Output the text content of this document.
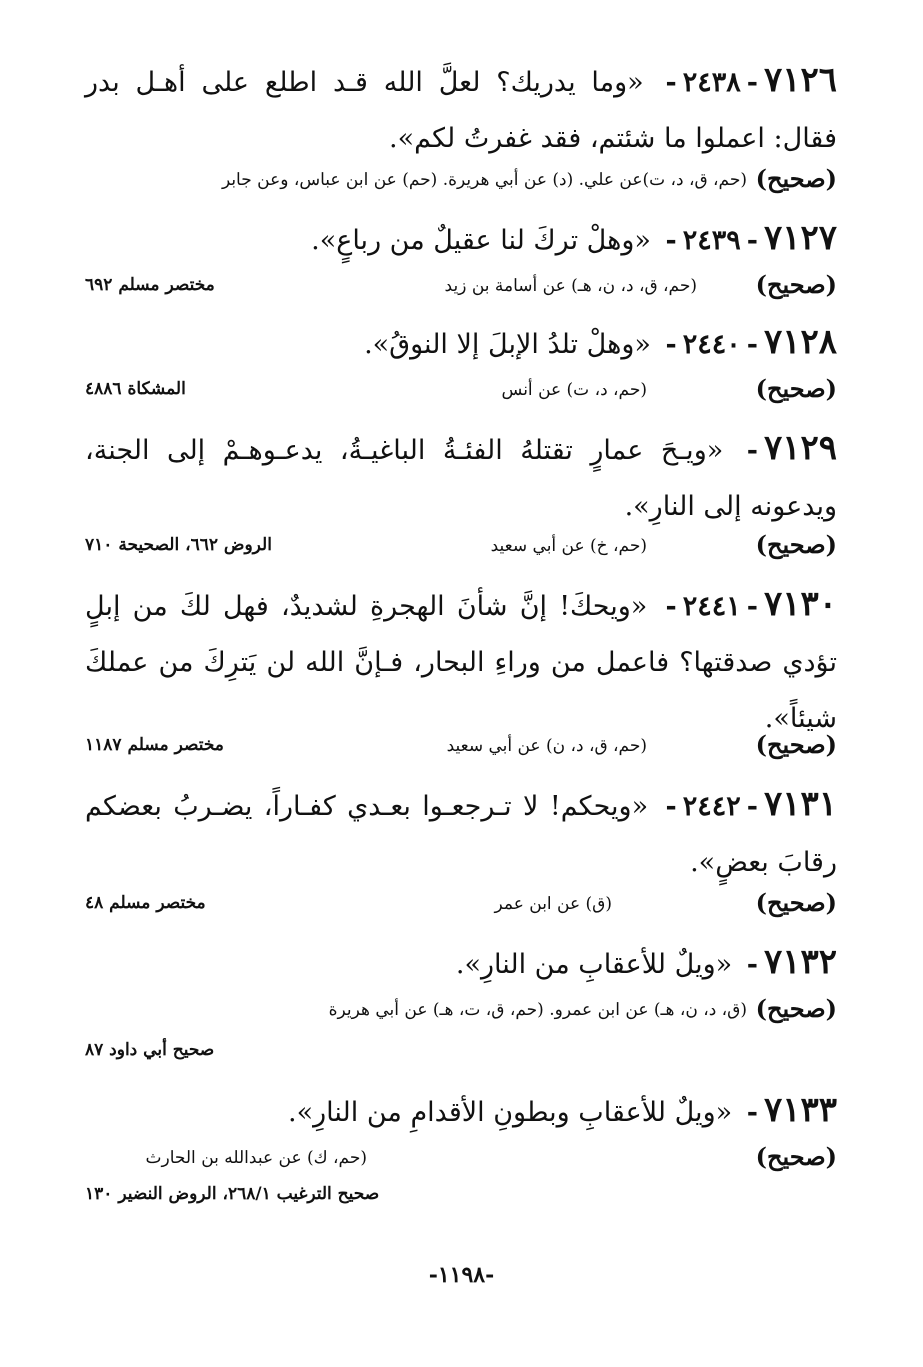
٧١٢٦-٢٤٣٨- «وما يدريك؟ لعلَّ الله قـد اطلع على أهـل بدر فقال: اعملوا ما شئتم، فقد غفرتُ لكم».
(صحيح)
(حم، ق، د، ت)عن علي. (د) عن أبي هريرة. (حم) عن ابن عباس، وعن جابر
٧١٢٧-٢٤٣٩- «وهلْ تركَ لنا عقيلٌ من رباعٍ».
(صحيح)
(حم، ق، د، ن، هـ) عن أسامة بن زيد
مختصر مسلم ٦٩٢
٧١٢٨-٢٤٤٠- «وهلْ تلدُ الإبلَ إلا النوقُ».
(صحيح)
(حم، د، ت) عن أنس
المشكاة ٤٨٨٦
٧١٢٩- «ويـحَ عمارٍ تقتلهُ الفئـةُ الباغيـةُ، يدعـوهـمْ إلى الجنة، ويدعونه إلى النارِ».
(صحيح)
(حم، خ) عن أبي سعيد
الروض ٦٦٢، الصحيحة ٧١٠
٧١٣٠-٢٤٤١- «ويحكَ! إنَّ شأنَ الهجرةِ لشديدٌ، فهل لكَ من إبلٍ تؤدي صدقتها؟ فاعمل من وراءِ البحار، فـإنَّ الله لن يَترِكَ من عملكَ شيئاً».
(صحيح)
(حم، ق، د، ن) عن أبي سعيد
مختصر مسلم ١١٨٧
٧١٣١-٢٤٤٢- «ويحكم! لا تـرجعـوا بعـدي كفـاراً، يضـربُ بعضكم رقابَ بعضٍ».
(صحيح)
(ق) عن ابن عمر
مختصر مسلم ٤٨
٧١٣٢- «ويلٌ للأعقابِ من النارِ».
(صحيح)
(ق، د، ن، هـ) عن ابن عمرو. (حم، ق، ت، هـ) عن أبي هريرة
صحيح أبي داود ٨٧
٧١٣٣- «ويلٌ للأعقابِ وبطونِ الأقدامِ من النارِ».
(صحيح)
(حم، ك) عن عبدالله بن الحارث
صحيح الترغيب ٢٦٨/١، الروض النضير ١٣٠
-١١٩٨-
